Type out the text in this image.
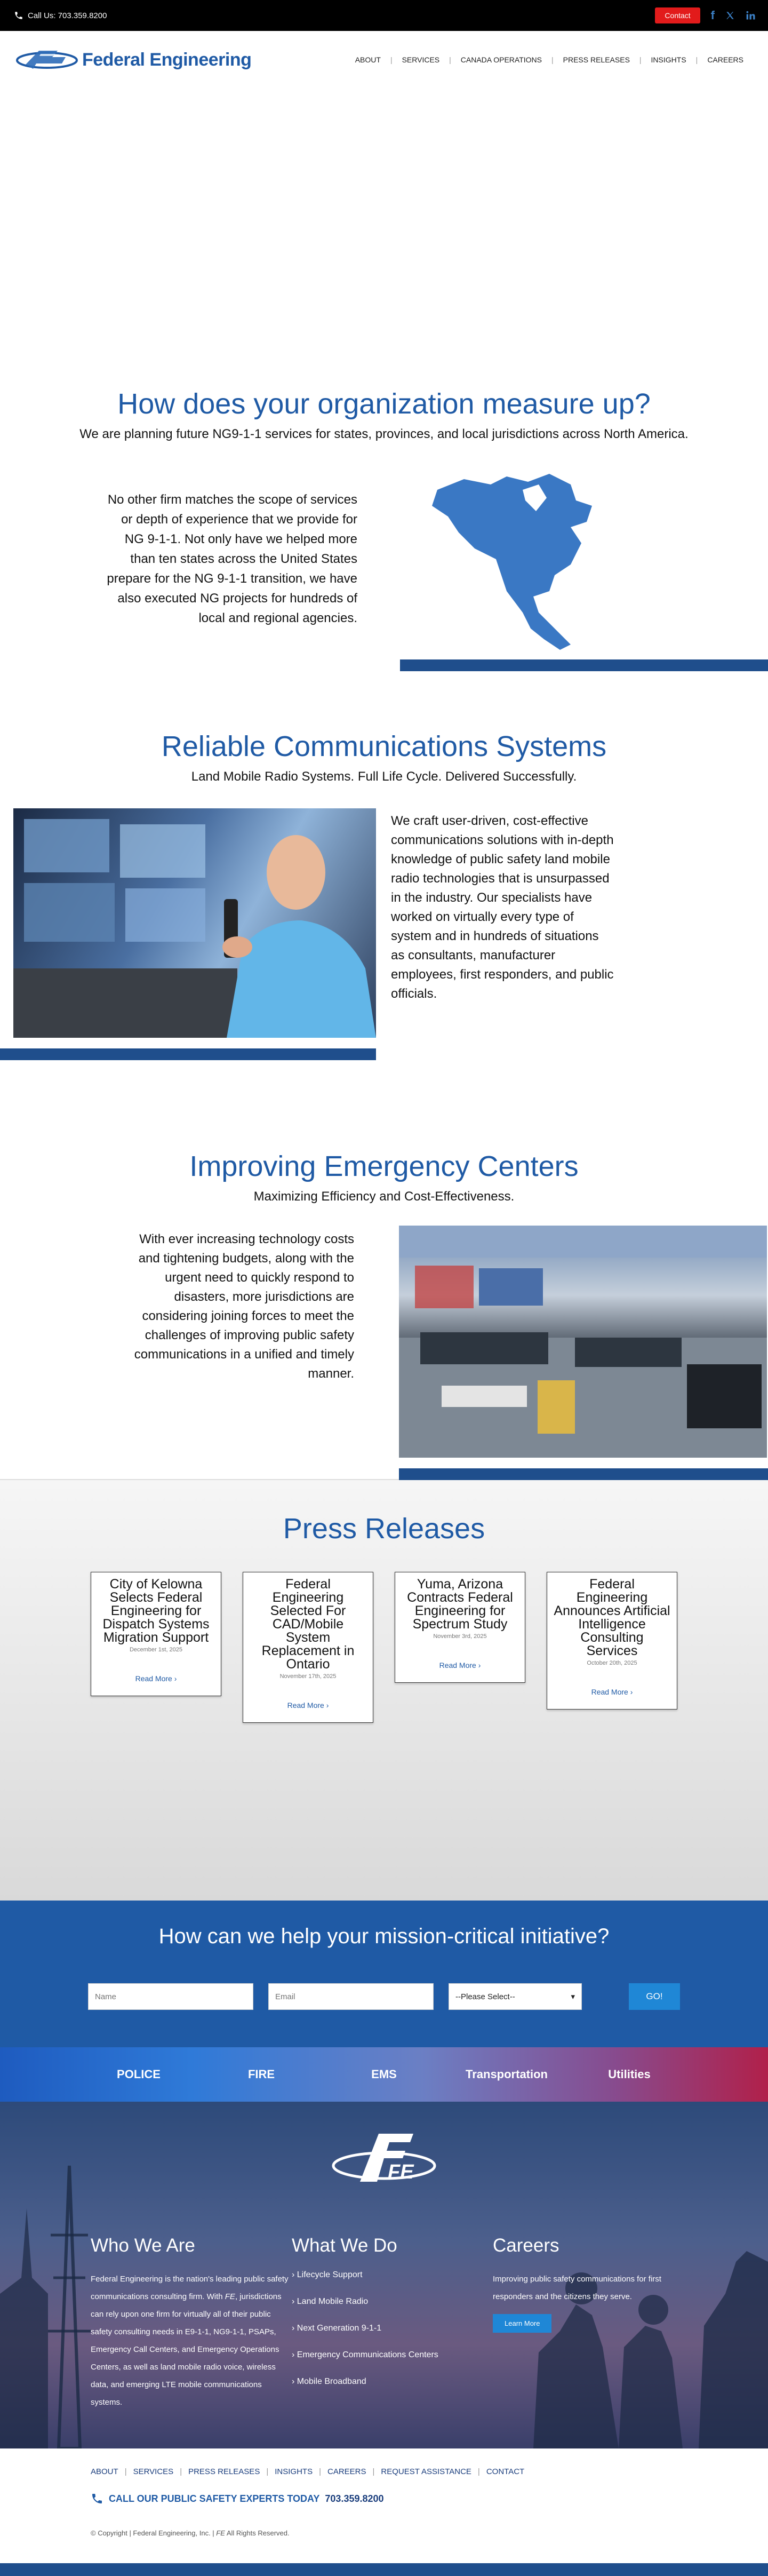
Call Us: 703.359.8200	Contact	f
Federal Engineering	ABOUT	|	SERVICES	|	CANADA OPERATIONS	|	PRESS RELEASES	|	INSIGHTS	|	CAREERS
How does your organization measure up?

We are planning future NG9-1-1 services for states, provinces, and local jurisdictions across North America.

No other firm matches the scope of services or depth of experience that we provide for NG 9-1-1. Not only have we helped more than ten states across the United States prepare for the NG 9-1-1 transition, we have also executed NG projects for hundreds of local and regional agencies.
Reliable Communications Systems

Land Mobile Radio Systems. Full Life Cycle. Delivered Successfully.

We craft user-driven, cost-effective communications solutions with in-depth knowledge of public safety land mobile radio technologies that is unsurpassed in the industry. Our specialists have worked on virtually every type of system and in hundreds of situations as consultants, manufacturer employees, first responders, and public officials.
Improving Emergency Centers

Maximizing Efficiency and Cost-Effectiveness.

With ever increasing technology costs and tightening budgets, along with the urgent need to quickly respond to disasters, more jurisdictions are considering joining forces to meet the challenges of improving public safety communications in a unified and timely manner.
Press Releases
City of Kelowna Selects Federal Engineering for Dispatch Systems Migration Support
December 1st, 2025
Read More ›
Federal Engineering Selected For CAD/Mobile System Replacement in Ontario
November 17th, 2025
Read More ›
Yuma, Arizona Contracts Federal Engineering for Spectrum Study
November 3rd, 2025
Read More ›
Federal Engineering Announces Artificial Intelligence Consulting Services
October 20th, 2025
Read More ›
How can we help your mission-critical initiative?
Name
Email
--Please Select--	▾	GO!
POLICE	FIRE	EMS	Transportation	Utilities
FE
Who We Are

Federal Engineering is the nation's leading public safety communications consulting firm. With FE, jurisdictions can rely upon one firm for virtually all of their public safety consulting needs in E9-1-1, NG9-1-1, PSAPs, Emergency Call Centers, and Emergency Operations Centers, as well as land mobile radio voice, wireless data, and emerging LTE mobile communications systems.

What We Do
› Lifecycle Support
› Land Mobile Radio
› Next Generation 9-1-1
› Emergency Communications Centers
› Mobile Broadband
Careers

Improving public safety communications for first responders and the citizens they serve.

Learn More
ABOUT | SERVICES | PRESS RELEASES | INSIGHTS | CAREERS | REQUEST ASSISTANCE | CONTACT
CALL OUR PUBLIC SAFETY EXPERTS TODAY 703.359.8200
© Copyright | Federal Engineering, Inc. | FE All Rights Reserved.
